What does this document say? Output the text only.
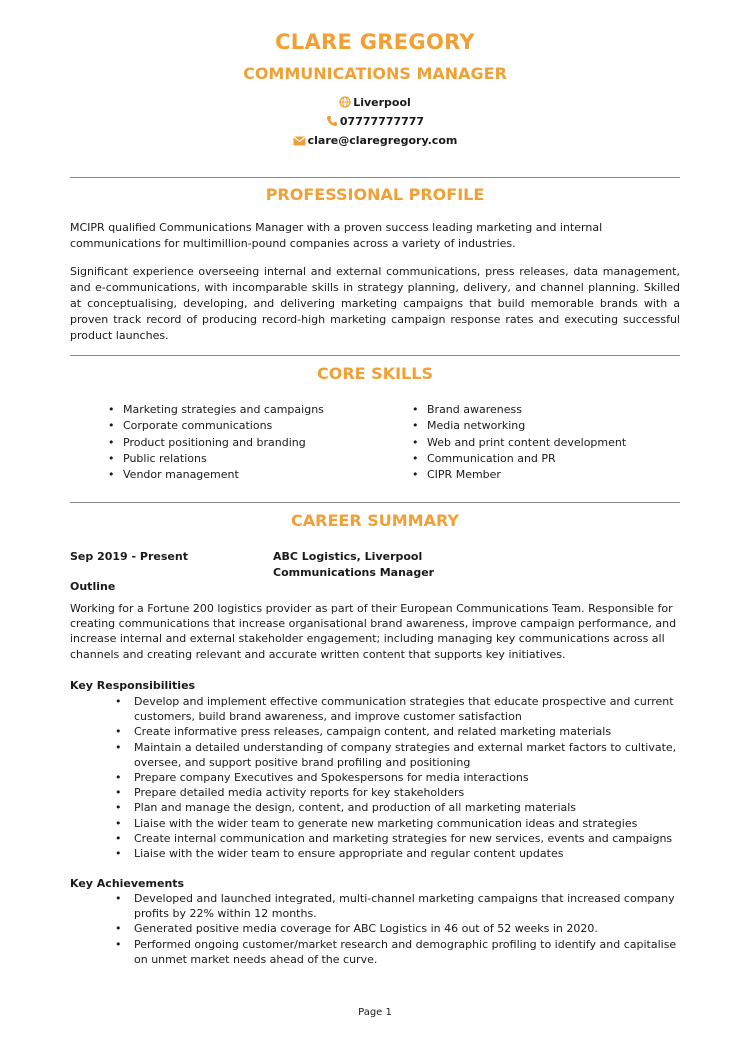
CLARE GREGORY
COMMUNICATIONS MANAGER
Liverpool
07777777777
clare@claregregory.com
PROFESSIONAL PROFILE

MCIPR qualified Communications Manager with a proven success leading marketing and internal communications for multimillion-pound companies across a variety of industries.

Significant experience overseeing internal and external communications, press releases, data management, and e-communications, with incomparable skills in strategy planning, delivery, and channel planning. Skilled at conceptualising, developing, and delivering marketing campaigns that build memorable brands with a proven track record of producing record-high marketing campaign response rates and executing successful product launches.

CORE SKILLS
• Marketing strategies and campaigns
• Corporate communications
• Product positioning and branding
• Public relations
• Vendor management
• Brand awareness
• Media networking
• Web and print content development
• Communication and PR
• CIPR Member
CAREER SUMMARY
Sep 2019 - Present	ABC Logistics, Liverpool
Communications Manager
Outline

Working for a Fortune 200 logistics provider as part of their European Communications Team. Responsible for creating communications that increase organisational brand awareness, improve campaign performance, and increase internal and external stakeholder engagement; including managing key communications across all channels and creating relevant and accurate written content that supports key initiatives.

Key Responsibilities
• Develop and implement effective communication strategies that educate prospective and current customers, build brand awareness, and improve customer satisfaction
• Create informative press releases, campaign content, and related marketing materials
• Maintain a detailed understanding of company strategies and external market factors to cultivate, oversee, and support positive brand profiling and positioning
• Prepare company Executives and Spokespersons for media interactions
• Prepare detailed media activity reports for key stakeholders
• Plan and manage the design, content, and production of all marketing materials
• Liaise with the wider team to generate new marketing communication ideas and strategies
• Create internal communication and marketing strategies for new services, events and campaigns
• Liaise with the wider team to ensure appropriate and regular content updates
Key Achievements
• Developed and launched integrated, multi-channel marketing campaigns that increased company profits by 22% within 12 months.
• Generated positive media coverage for ABC Logistics in 46 out of 52 weeks in 2020.
• Performed ongoing customer/market research and demographic profiling to identify and capitalise on unmet market needs ahead of the curve.
Page 1
